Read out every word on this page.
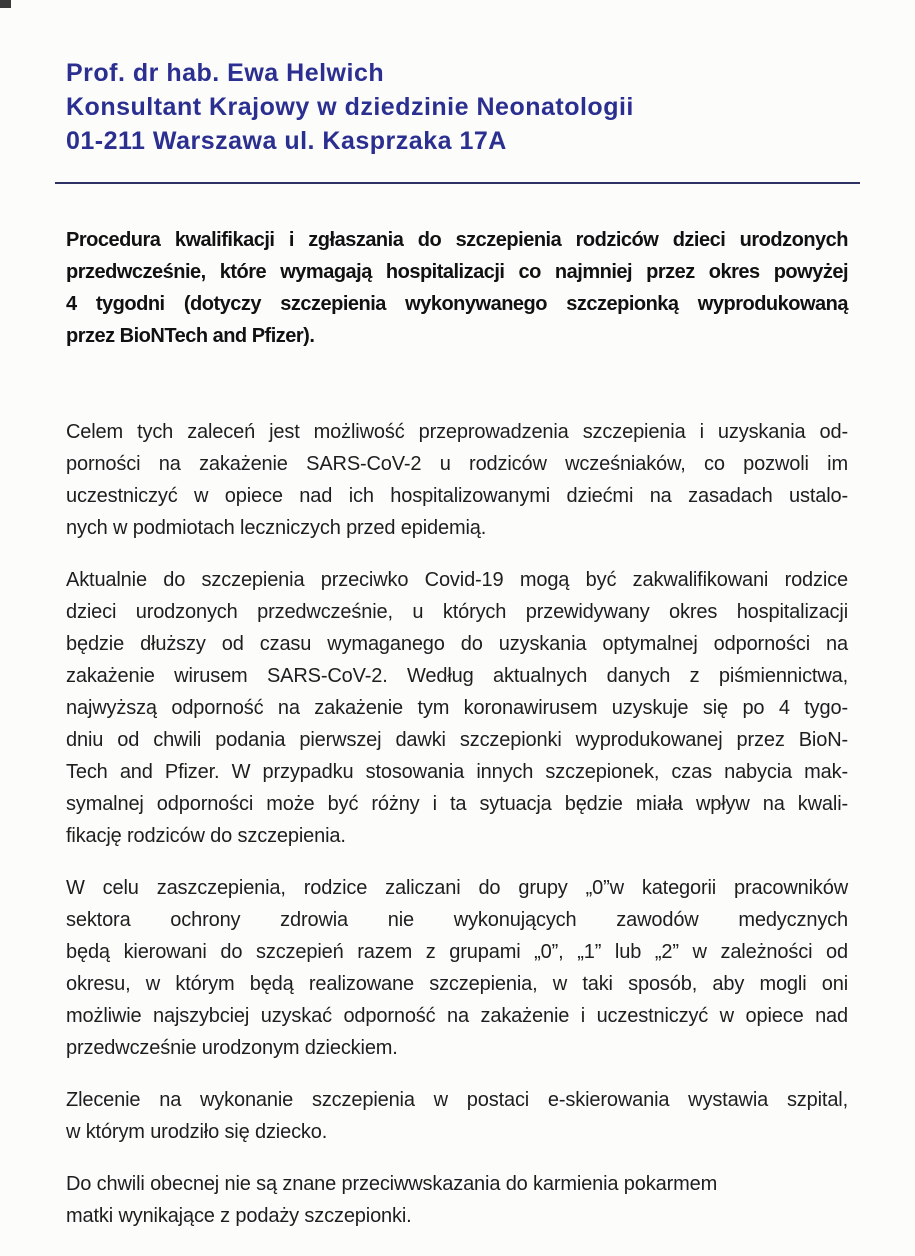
Prof. dr hab. Ewa Helwich
Konsultant Krajowy w dziedzinie Neonatologii
01-211 Warszawa ul. Kasprzaka 17A
Procedura kwalifikacji i zgłaszania do szczepienia rodziców dzieci urodzonych
przedwcześnie, które wymagają hospitalizacji co najmniej przez okres powyżej
4 tygodni (dotyczy szczepienia wykonywanego szczepionką wyprodukowaną
przez BioNTech and Pfizer).
Celem tych zaleceń jest możliwość przeprowadzenia szczepienia i uzyskania od-
porności na zakażenie SARS-CoV-2 u rodziców wcześniaków, co pozwoli im
uczestniczyć w opiece nad ich hospitalizowanymi dziećmi na zasadach ustalo-
nych w podmiotach leczniczych przed epidemią.
Aktualnie do szczepienia przeciwko Covid-19 mogą być zakwalifikowani rodzice
dzieci urodzonych przedwcześnie, u których przewidywany okres hospitalizacji
będzie dłuższy od czasu wymaganego do uzyskania optymalnej odporności na
zakażenie wirusem SARS-CoV-2. Według aktualnych danych z piśmiennictwa,
najwyższą odporność na zakażenie tym koronawirusem uzyskuje się po 4 tygo-
dniu od chwili podania pierwszej dawki szczepionki wyprodukowanej przez BioN-
Tech and Pfizer. W przypadku stosowania innych szczepionek, czas nabycia mak-
symalnej odporności może być różny i ta sytuacja będzie miała wpływ na kwali-
fikację rodziców do szczepienia.
W celu zaszczepienia, rodzice zaliczani do grupy „0”w kategorii pracowników
sektora ochrony zdrowia nie wykonujących zawodów medycznych
będą kierowani do szczepień razem z grupami „0”, „1” lub „2” w zależności od
okresu, w którym będą realizowane szczepienia, w taki sposób, aby mogli oni
możliwie najszybciej uzyskać odporność na zakażenie i uczestniczyć w opiece nad
przedwcześnie urodzonym dzieckiem.
Zlecenie na wykonanie szczepienia w postaci e-skierowania wystawia szpital,
w którym urodziło się dziecko.
Do chwili obecnej nie są znane przeciwwskazania do karmienia pokarmem
matki wynikające z podaży szczepionki.
